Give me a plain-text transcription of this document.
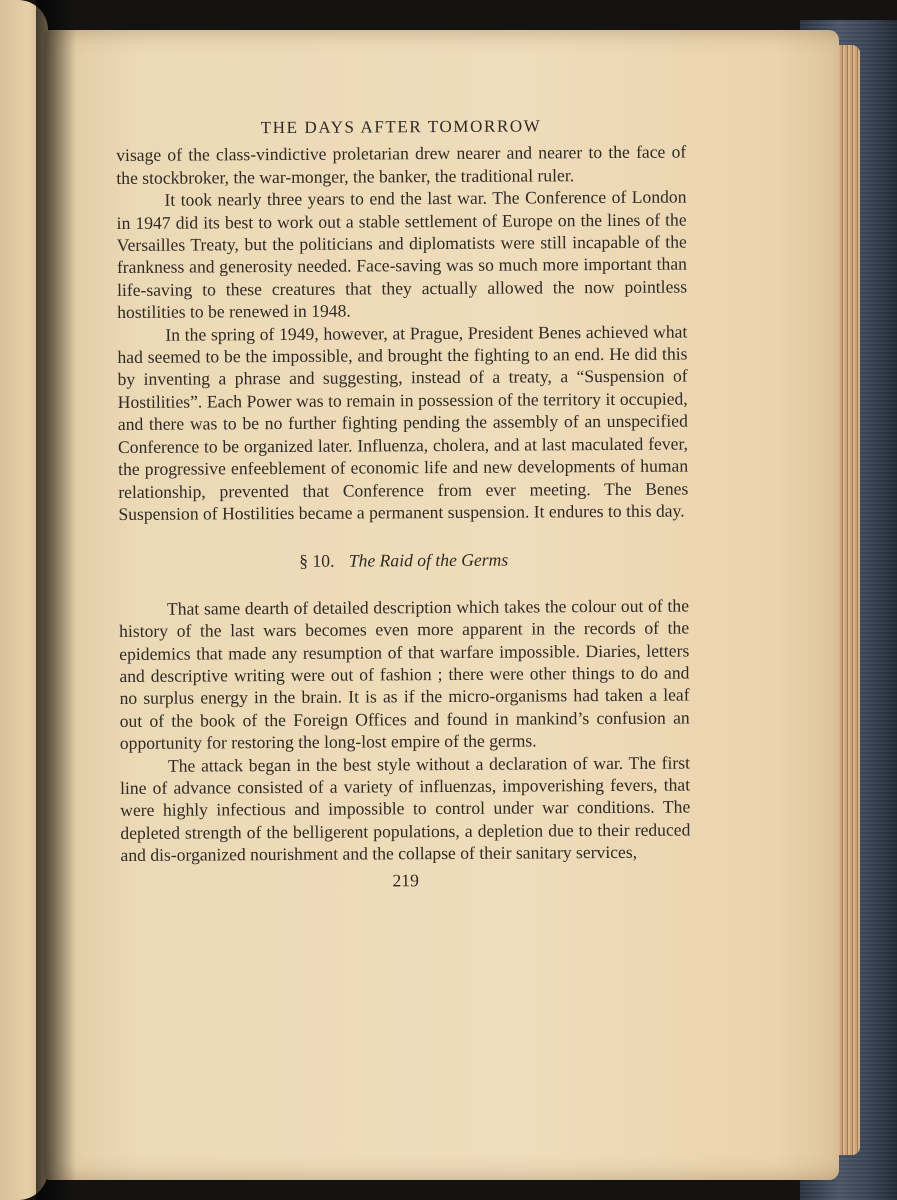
THE DAYS AFTER TOMORROW

visage of the class-vindictive proletarian drew nearer and nearer to the face of the stockbroker, the war-monger, the banker, the traditional ruler.

It took nearly three years to end the last war. The Conference of London in 1947 did its best to work out a stable settlement of Europe on the lines of the Versailles Treaty, but the politicians and diplomatists were still incapable of the frankness and generosity needed. Face-saving was so much more important than life-saving to these creatures that they actually allowed the now pointless hostilities to be renewed in 1948.

In the spring of 1949, however, at Prague, President Benes achieved what had seemed to be the impossible, and brought the fighting to an end. He did this by inventing a phrase and suggesting, instead of a treaty, a “Suspension of Hostilities”. Each Power was to remain in possession of the territory it occupied, and there was to be no further fighting pending the assembly of an unspecified Conference to be organized later. Influenza, cholera, and at last maculated fever, the progressive enfeeblement of economic life and new developments of human relationship, prevented that Conference from ever meeting. The Benes Suspension of Hostilities became a permanent suspension. It endures to this day.

§ 10. The Raid of the Germs

That same dearth of detailed description which takes the colour out of the history of the last wars becomes even more apparent in the records of the epidemics that made any resumption of that warfare impossible. Diaries, letters and descriptive writing were out of fashion ; there were other things to do and no surplus energy in the brain. It is as if the micro-organisms had taken a leaf out of the book of the Foreign Offices and found in mankind’s confusion an opportunity for restoring the long-lost empire of the germs.

The attack began in the best style without a declaration of war. The first line of advance consisted of a variety of influenzas, impoverishing fevers, that were highly infectious and impossible to control under war conditions. The depleted strength of the belligerent populations, a depletion due to their reduced and dis-organized nourishment and the collapse of their sanitary services,

219
